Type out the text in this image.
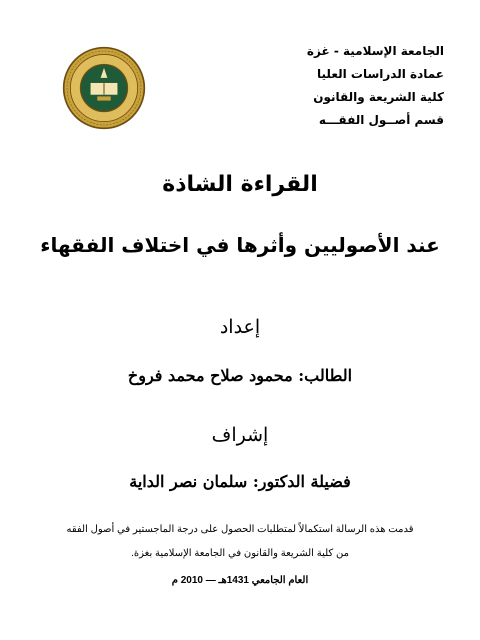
الجامعة الإسلامية - غزة
عمادة الدراسات العليا
كلية الشريعة والقانون
قسم أصــول الفقـــه
القراءة الشاذة
عند الأصوليين وأثرها في اختلاف الفقهاء
إعداد
الطالب: محمود صلاح محمد فروخ
إشراف
فضيلة الدكتور: سلمان نصر الداية
قدمت هذه الرسالة استكمالاً لمتطلبات الحصول على درجة الماجستير في أصول الفقه
من كلية الشريعة والقانون في الجامعة الإسلامية بغزة.
العام الجامعي 1431هـ — 2010 م
